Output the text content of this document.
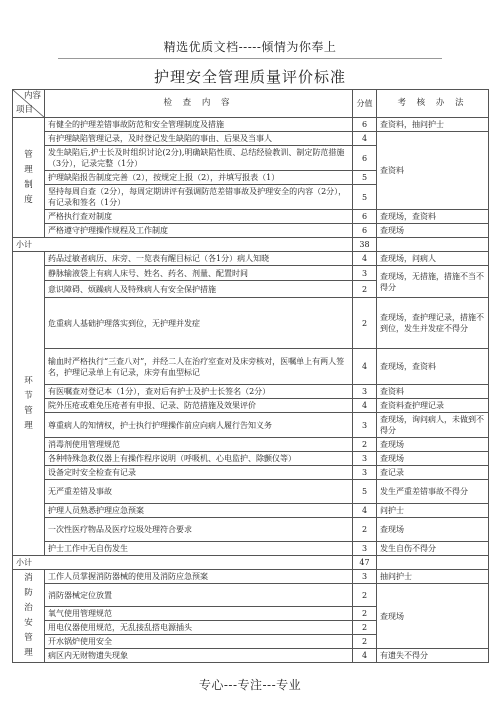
精选优质文档-----倾情为你奉上
护理安全管理质量评价标准
内容
项目	检 查 内 容	分值	考 核 办 法
管理制度	有健全的护理差错事故防范和安全管理制度及措施	6	查资料，抽问护士
	有护理缺陷管理记录，及时登记发生缺陷的事由、后果及当事人	4	查资料
	发生缺陷后,护士长及时组织讨论(2分),明确缺陷性质、总结经验教训、制定防范措施（3分），记录完整（1分）	6	
	护理缺陷报告制度完善（2），按规定上报（2），并填写报表（1）	5	
	坚持每周自查（2分），每周定期讲评有强调防范差错事故及护理安全的内容（2分），有记录和签名（1分）	5	
	严格执行查对制度	6	查现场，查资料
	严格遵守护理操作规程及工作制度	6	查现场
小计		38	
环节管理	药品过敏者病历、床旁、一览表有醒目标记（各1分）病人知晓	4	查现场，问病人
	静脉输液袋上有病人床号、姓名、药名、剂量、配置时间	3	查现场，无措施，措施不当不得分
	意识障碍、烦躁病人及特殊病人有安全保护措施	2	
	危重病人基础护理落实到位，无护理并发症	2	查现场，查护理记录，措施不到位，发生并发症不得分
	输血时严格执行“三查八对”，并经二人在治疗室查对及床旁核对，医嘱单上有两人签名，护理记录单上有记录，床旁有血型标记	4	查现场，查资料
	有医嘱查对登记本（1分），查对后有护士及护士长签名（2分）	3	查资料
	院外压疮或难免压疮者有申报、记录、防范措施及效果评价	4	查资料查护理记录
	尊重病人的知情权，护士执行护理操作前应向病人履行告知义务	3	查现场，询问病人，未做到不得分
	消毒剂使用管理规范	2	查现场
	各种特殊急救仪器上有操作程序说明（呼吸机、心电监护、除颤仪等）	3	查现场
	设备定时安全检查有记录	3	查记录
	无严重差错及事故	5	发生严重差错事故不得分
	护理人员熟悉护理应急预案	4	问护士
	一次性医疗物品及医疗垃圾处理符合要求	2	查现场
	护士工作中无自伤发生	3	发生自伤不得分
小计		47	
消防治安管理	工作人员掌握消防器械的使用及消防应急预案	3	抽问护士
	消防器械定位放置	2	查现场
	氧气使用管理规范	2	
	用电仪器使用规范，无乱接乱搭电源插头	2	
	开水锅炉使用安全	2	
	病区内无财物遗失现象	4	有遗失不得分
专心---专注---专业
